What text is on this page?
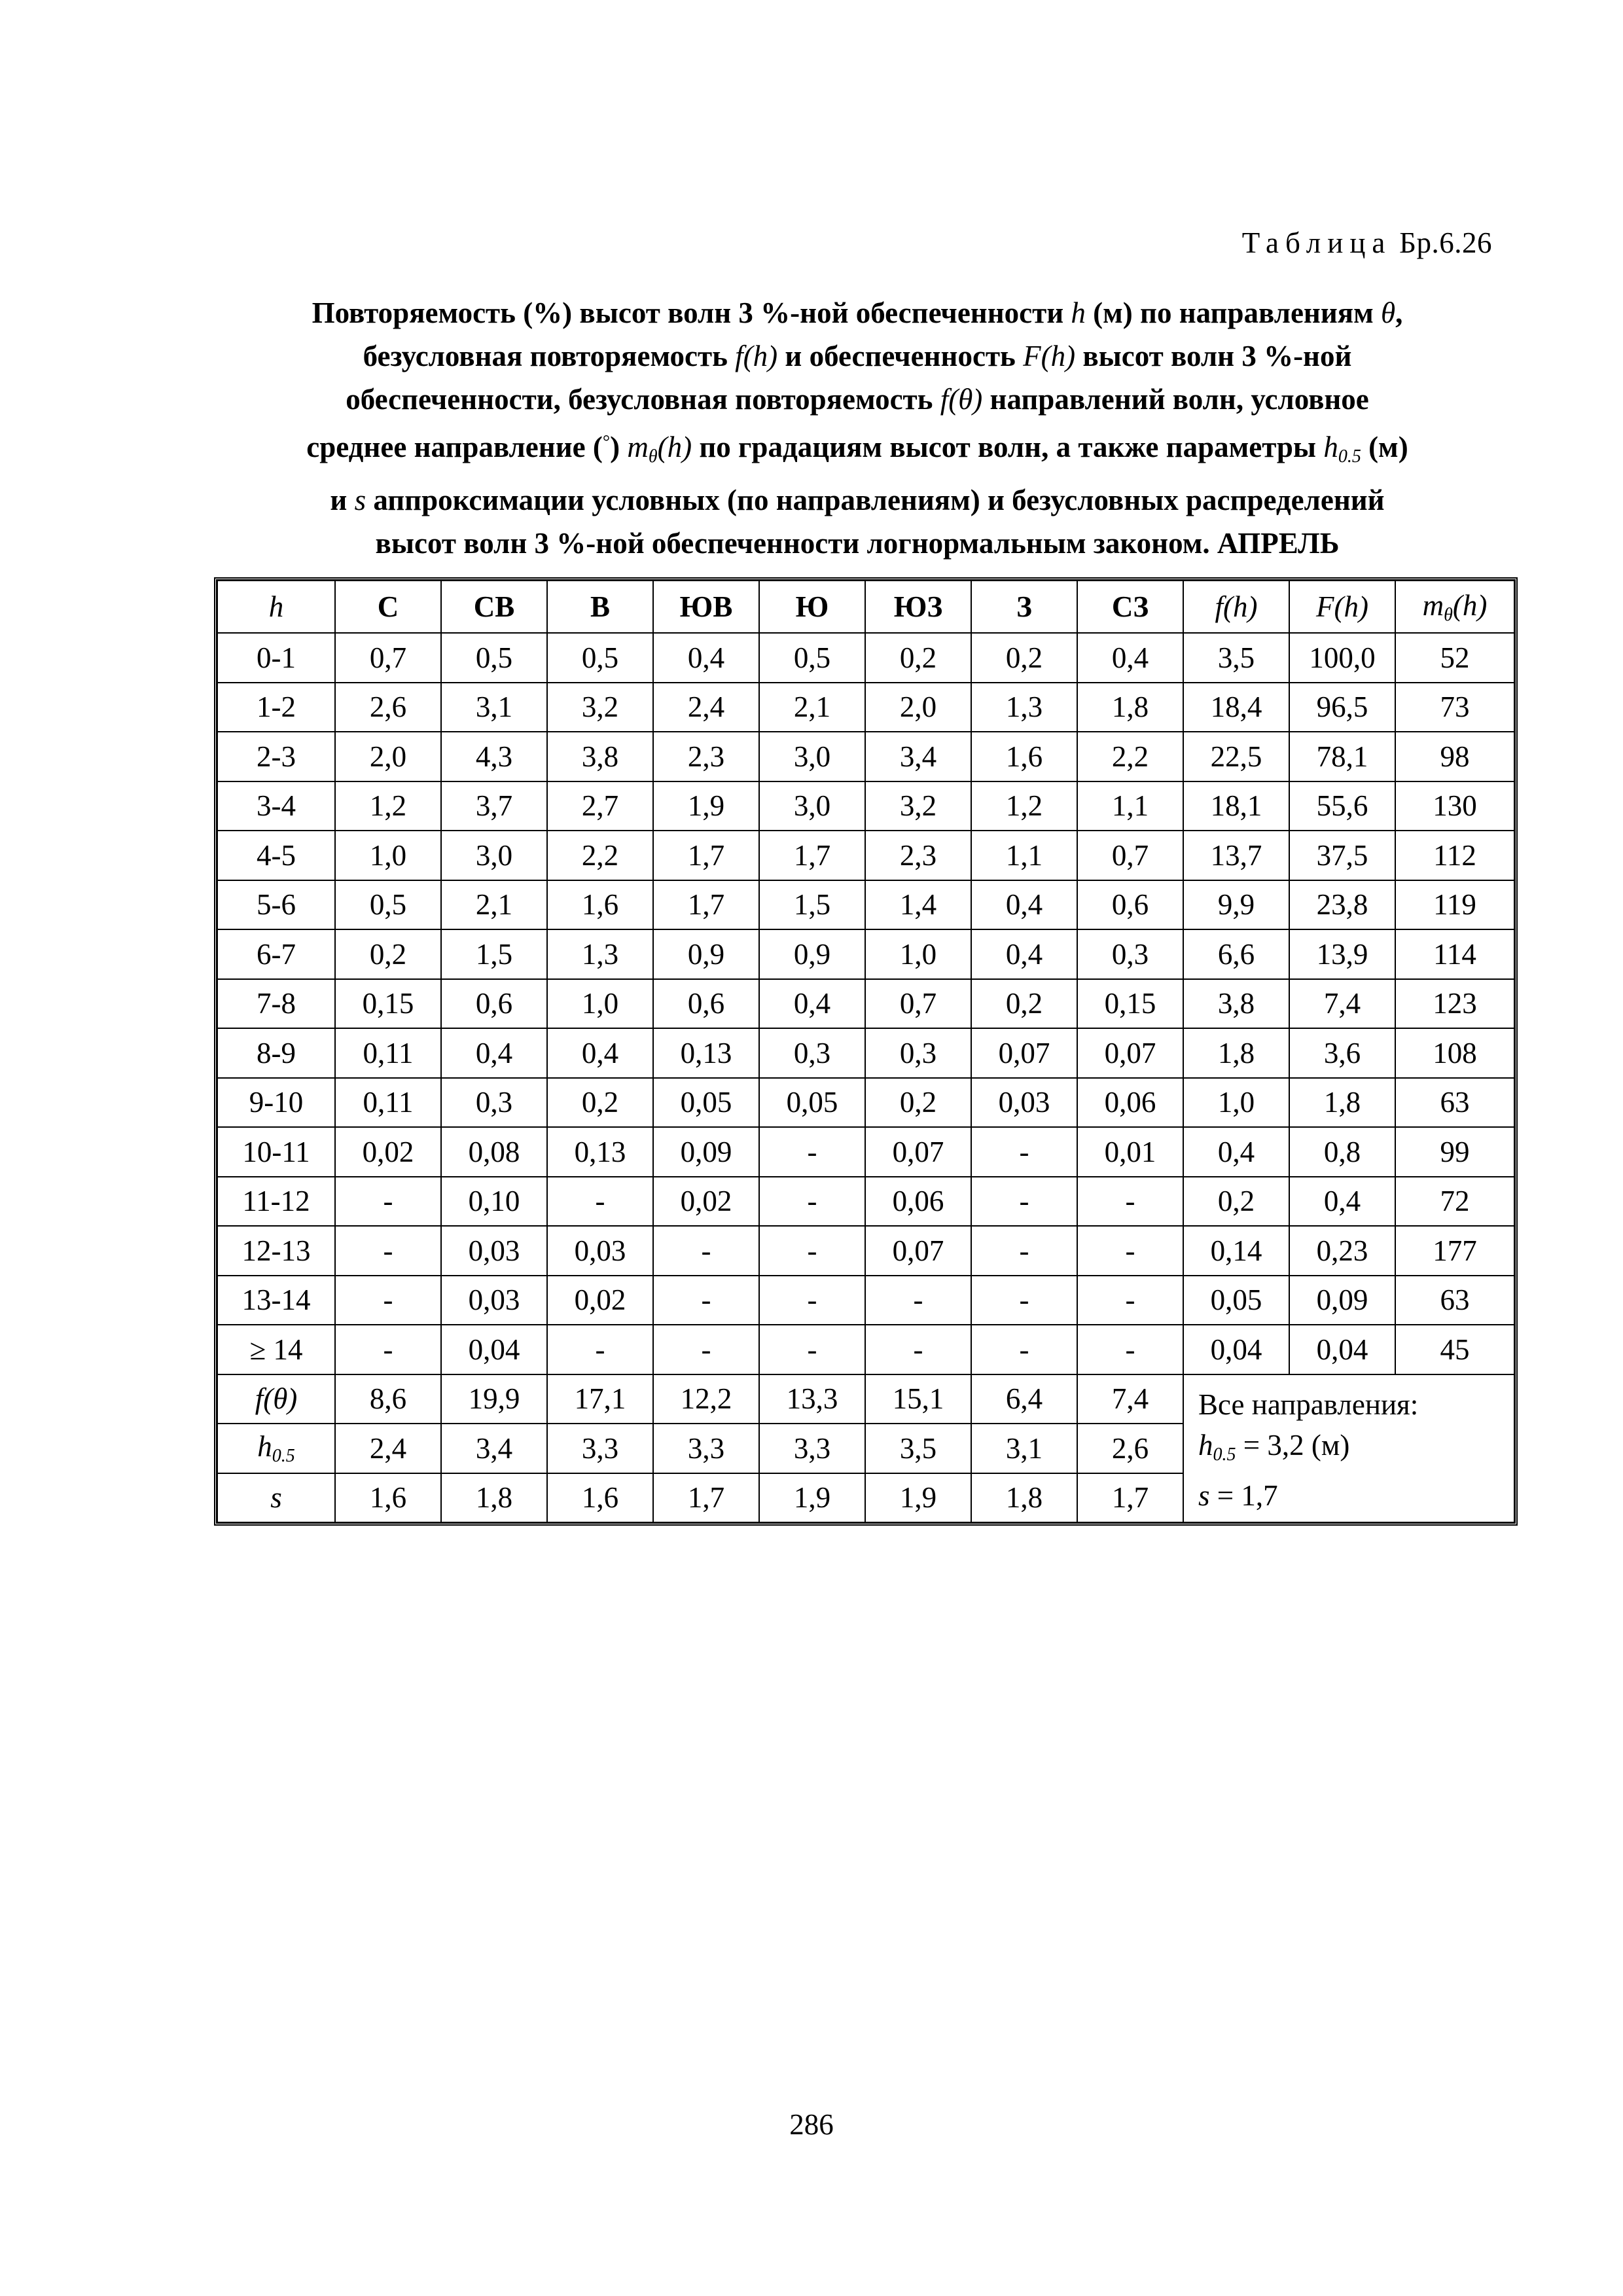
Таблица Бр.6.26
Повторяемость (%) высот волн 3 %-ной обеспеченности h (м) по направлениям θ,
безусловная повторяемость f(h) и обеспеченность F(h) высот волн 3 %-ной
обеспеченности, безусловная повторяемость f(θ) направлений волн, условное
среднее направление (°) $m_\theta(h)$ по градациям высот волн, а также параметры $h_{0.5}$ (м)
и s аппроксимации условных (по направлениям) и безусловных распределений
высот волн 3 %-ной обеспеченности логнормальным законом. АПРЕЛЬ
h	С	СВ	В	ЮВ	Ю	ЮЗ	З	СЗ	f(h)	F(h)	$m_\theta(h)$
0-1	0,7	0,5	0,5	0,4	0,5	0,2	0,2	0,4	3,5	100,0	52
1-2	2,6	3,1	3,2	2,4	2,1	2,0	1,3	1,8	18,4	96,5	73
2-3	2,0	4,3	3,8	2,3	3,0	3,4	1,6	2,2	22,5	78,1	98
3-4	1,2	3,7	2,7	1,9	3,0	3,2	1,2	1,1	18,1	55,6	130
4-5	1,0	3,0	2,2	1,7	1,7	2,3	1,1	0,7	13,7	37,5	112
5-6	0,5	2,1	1,6	1,7	1,5	1,4	0,4	0,6	9,9	23,8	119
6-7	0,2	1,5	1,3	0,9	0,9	1,0	0,4	0,3	6,6	13,9	114
7-8	0,15	0,6	1,0	0,6	0,4	0,7	0,2	0,15	3,8	7,4	123
8-9	0,11	0,4	0,4	0,13	0,3	0,3	0,07	0,07	1,8	3,6	108
9-10	0,11	0,3	0,2	0,05	0,05	0,2	0,03	0,06	1,0	1,8	63
10-11	0,02	0,08	0,13	0,09	-	0,07	-	0,01	0,4	0,8	99
11-12	-	0,10	-	0,02	-	0,06	-	-	0,2	0,4	72
12-13	-	0,03	0,03	-	-	0,07	-	-	0,14	0,23	177
13-14	-	0,03	0,02	-	-	-	-	-	0,05	0,09	63
≥ 14	-	0,04	-	-	-	-	-	-	0,04	0,04	45
f(θ)	8,6	19,9	17,1	12,2	13,3	15,1	6,4	7,4	Все направления:
$h_{0.5} = 3,2$ (м)
s = 1,7		

$h_{0.5}$	2,4	3,4	3,3	3,3	3,3	3,5	3,1	2,6			
s	1,6	1,8	1,6	1,7	1,9	1,9	1,8	1,7			
286
